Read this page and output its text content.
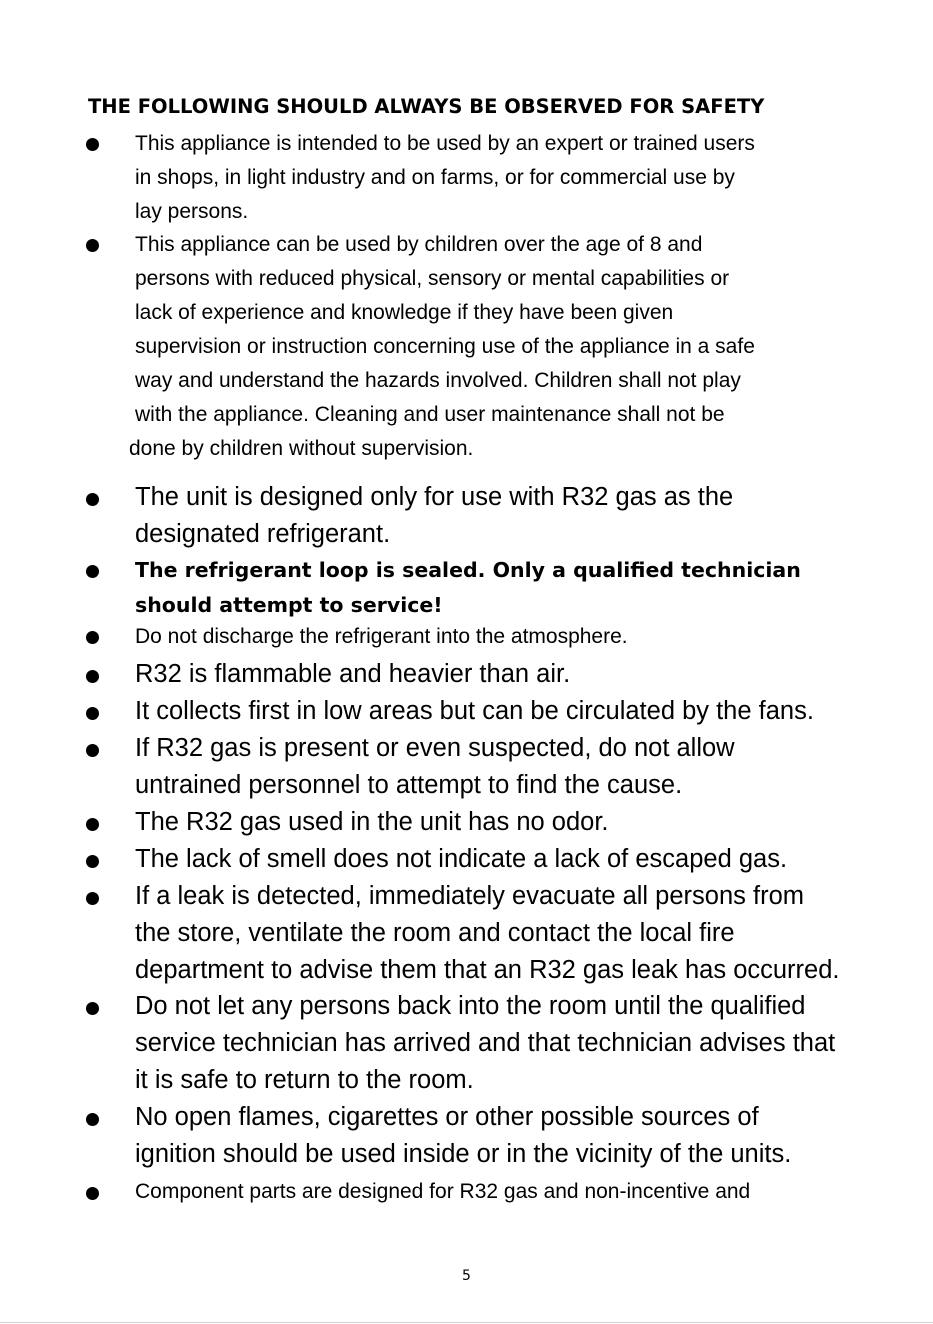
THE FOLLOWING SHOULD ALWAYS BE OBSERVED FOR SAFETY
This appliance is intended to be used by an expert or trained users
in shops, in light industry and on farms, or for commercial use by
lay persons.
This appliance can be used by children over the age of 8 and
persons with reduced physical, sensory or mental capabilities or
lack of experience and knowledge if they have been given
supervision or instruction concerning use of the appliance in a safe
way and understand the hazards involved. Children shall not play
with the appliance. Cleaning and user maintenance shall not be
done by children without supervision.
The unit is designed only for use with R32 gas as the
designated refrigerant.
The refrigerant loop is sealed. Only a qualified technician
should attempt to service!
Do not discharge the refrigerant into the atmosphere.
R32 is flammable and heavier than air.
It collects first in low areas but can be circulated by the fans.
If R32 gas is present or even suspected, do not allow
untrained personnel to attempt to find the cause.
The R32 gas used in the unit has no odor.
The lack of smell does not indicate a lack of escaped gas.
If a leak is detected, immediately evacuate all persons from
the store, ventilate the room and contact the local fire
department to advise them that an R32 gas leak has occurred.
Do not let any persons back into the room until the qualified
service technician has arrived and that technician advises that
it is safe to return to the room.
No open flames, cigarettes or other possible sources of
ignition should be used inside or in the vicinity of the units.
Component parts are designed for R32 gas and non-incentive and
5
